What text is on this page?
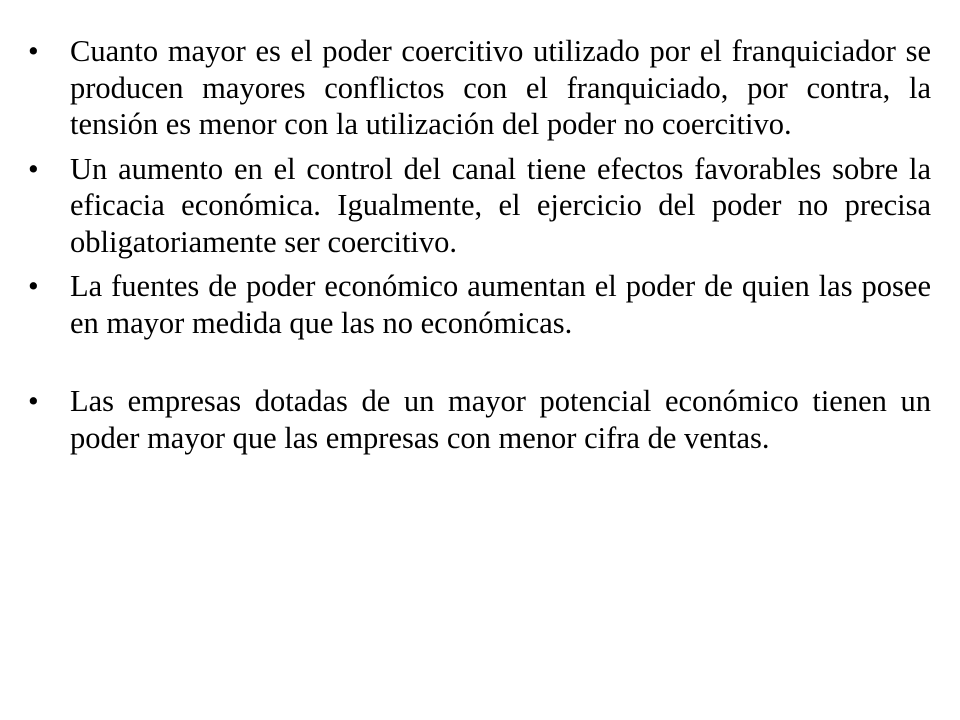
•	Cuanto mayor es el poder coercitivo utilizado por el franquiciador se producen mayores conflictos con el franquiciado, por contra, la tensión es menor con la utilización del poder no coercitivo.
•	Un aumento en el control del canal tiene efectos favorables sobre la eficacia económica. Igualmente, el ejercicio del poder no precisa obligatoriamente ser coercitivo.
•	La fuentes de poder económico aumentan el poder de quien las posee en mayor medida que las no económicas.
•	Las empresas dotadas de un mayor potencial económico tienen un poder mayor que las empresas con menor cifra de ventas.
